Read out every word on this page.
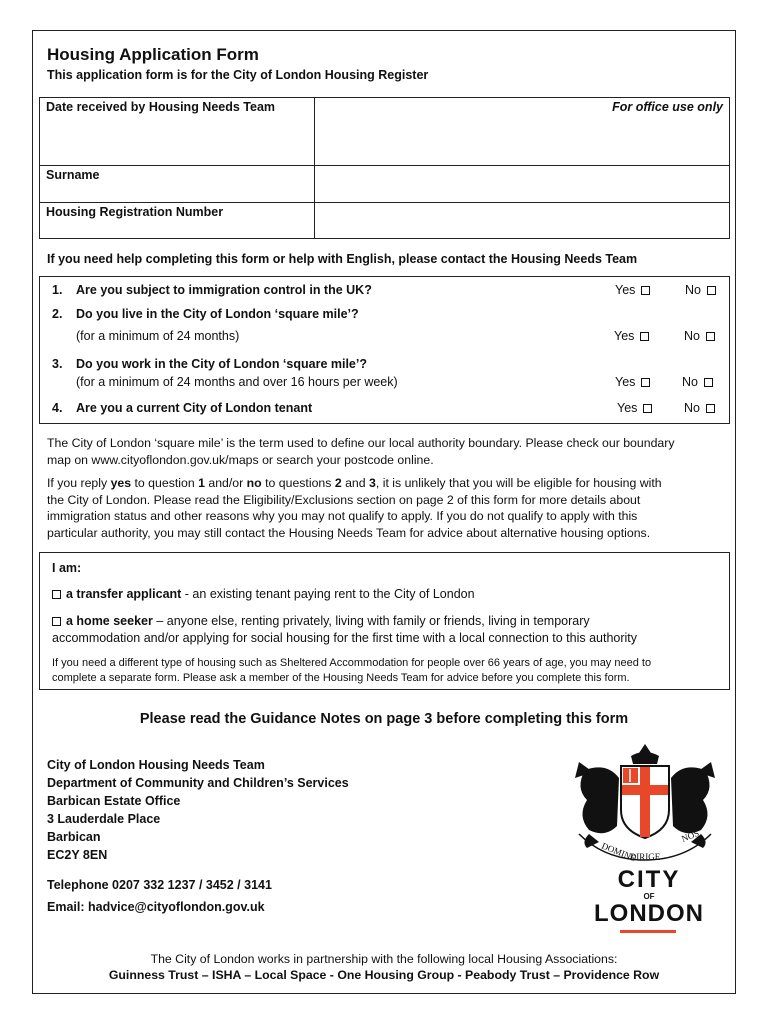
Housing Application Form
This application form is for the City of London Housing Register
Date received by Housing Needs Team	For office use only

Surname	
Housing Registration Number	
If you need help completing this form or help with English, please contact the Housing Needs Team
1. Are you subject to immigration control in the UK?	Yes	No
2. Do you live in the City of London ‘square mile’?
(for a minimum of 24 months)	Yes	No
3. Do you work in the City of London ‘square mile’?
(for a minimum of 24 months and over 16 hours per week)	Yes	No
4. Are you a current City of London tenant	Yes	No
The City of London ‘square mile’ is the term used to define our local authority boundary. Please check our boundary
map on www.cityoflondon.gov.uk/maps or search your postcode online.
If you reply yes to question 1 and/or no to questions 2 and 3, it is unlikely that you will be eligible for housing with
the City of London. Please read the Eligibility/Exclusions section on page 2 of this form for more details about
immigration status and other reasons why you may not qualify to apply. If you do not qualify to apply with this
particular authority, you may still contact the Housing Needs Team for advice about alternative housing options.
I am:
a transfer applicant - an existing tenant paying rent to the City of London
a home seeker – anyone else, renting privately, living with family or friends, living in temporary
accommodation and/or applying for social housing for the first time with a local connection to this authority
If you need a different type of housing such as Sheltered Accommodation for people over 66 years of age, you may need to
complete a separate form. Please ask a member of the Housing Needs Team for advice before you complete this form.
Please read the Guidance Notes on page 3 before completing this form
City of London Housing Needs Team
Department of Community and Children’s Services
Barbican Estate Office
3 Lauderdale Place
Barbican
EC2Y 8EN
Telephone 0207 332 1237 / 3452 / 3141
Email: hadvice@cityoflondon.gov.uk
DOMINE
DIRIGE
NOS
CITY
OF
LONDON
The City of London works in partnership with the following local Housing Associations:
Guinness Trust – ISHA – Local Space - One Housing Group - Peabody Trust – Providence Row
